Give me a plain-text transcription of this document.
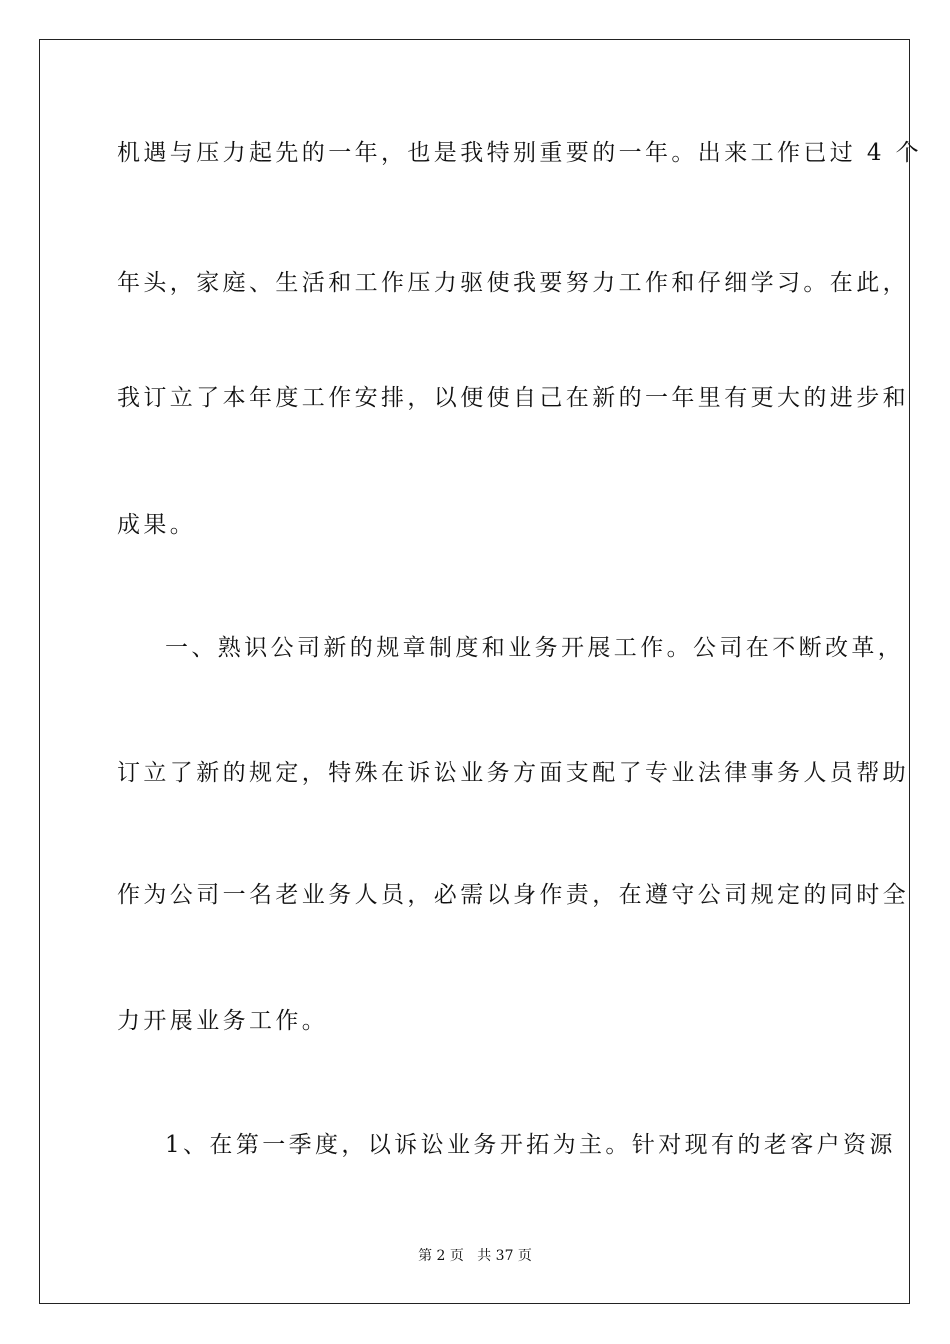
机遇与压力起先的一年，也是我特别重要的一年。出来工作已过 4 个
年头，家庭、生活和工作压力驱使我要努力工作和仔细学习。在此，
我订立了本年度工作安排，以便使自己在新的一年里有更大的进步和
成果。
一、熟识公司新的规章制度和业务开展工作。公司在不断改革，
订立了新的规定，特殊在诉讼业务方面支配了专业法律事务人员帮助
作为公司一名老业务人员，必需以身作责，在遵守公司规定的同时全
力开展业务工作。
1、在第一季度，以诉讼业务开拓为主。针对现有的老客户资源
第 2 页   共 37 页
